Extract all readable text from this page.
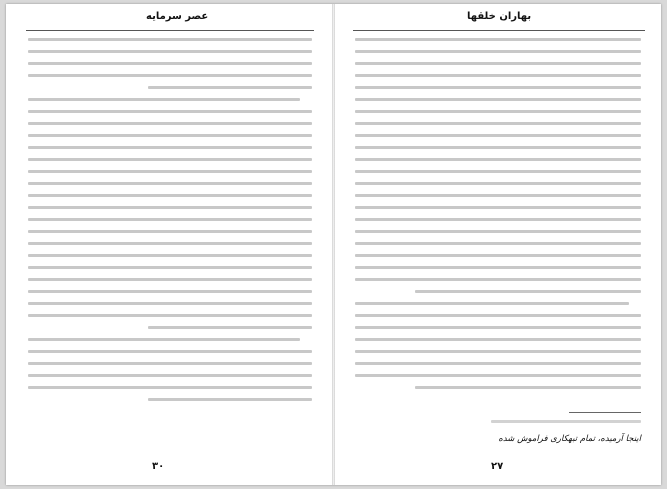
عصر سرمایه
۳۰
بهاران خلقها
اینجا آرمیده، تمام تبهکاری فراموش شده
۲۷
